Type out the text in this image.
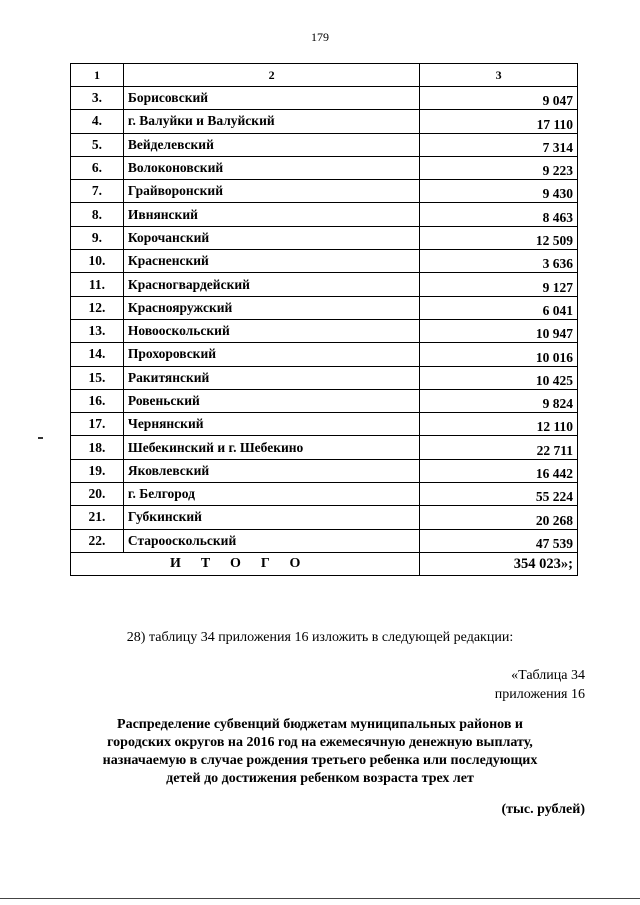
179
1	2	3
3.	Борисовский	9 047
4.	г. Валуйки и Валуйский	17 110
5.	Вейделевский	7 314
6.	Волоконовский	9 223
7.	Грайворонский	9 430
8.	Ивнянский	8 463
9.	Корочанский	12 509
10.	Красненский	3 636
11.	Красногвардейский	9 127
12.	Краснояружский	6 041
13.	Новооскольский	10 947
14.	Прохоровский	10 016
15.	Ракитянский	10 425
16.	Ровеньский	9 824
17.	Чернянский	12 110
18.	Шебекинский и г. Шебекино	22 711
19.	Яковлевский	16 442
20.	г. Белгород	55 224
21.	Губкинский	20 268
22.	Старооскольский	47 539
ИТОГО		354 023»;
28) таблицу 34 приложения 16 изложить в следующей редакции:
«Таблица 34
приложения 16
Распределение субвенций бюджетам муниципальных районов и
городских округов на 2016 год на ежемесячную денежную выплату,
назначаемую в случае рождения третьего ребенка или последующих
детей до достижения ребенком возраста трех лет
(тыс. рублей)
